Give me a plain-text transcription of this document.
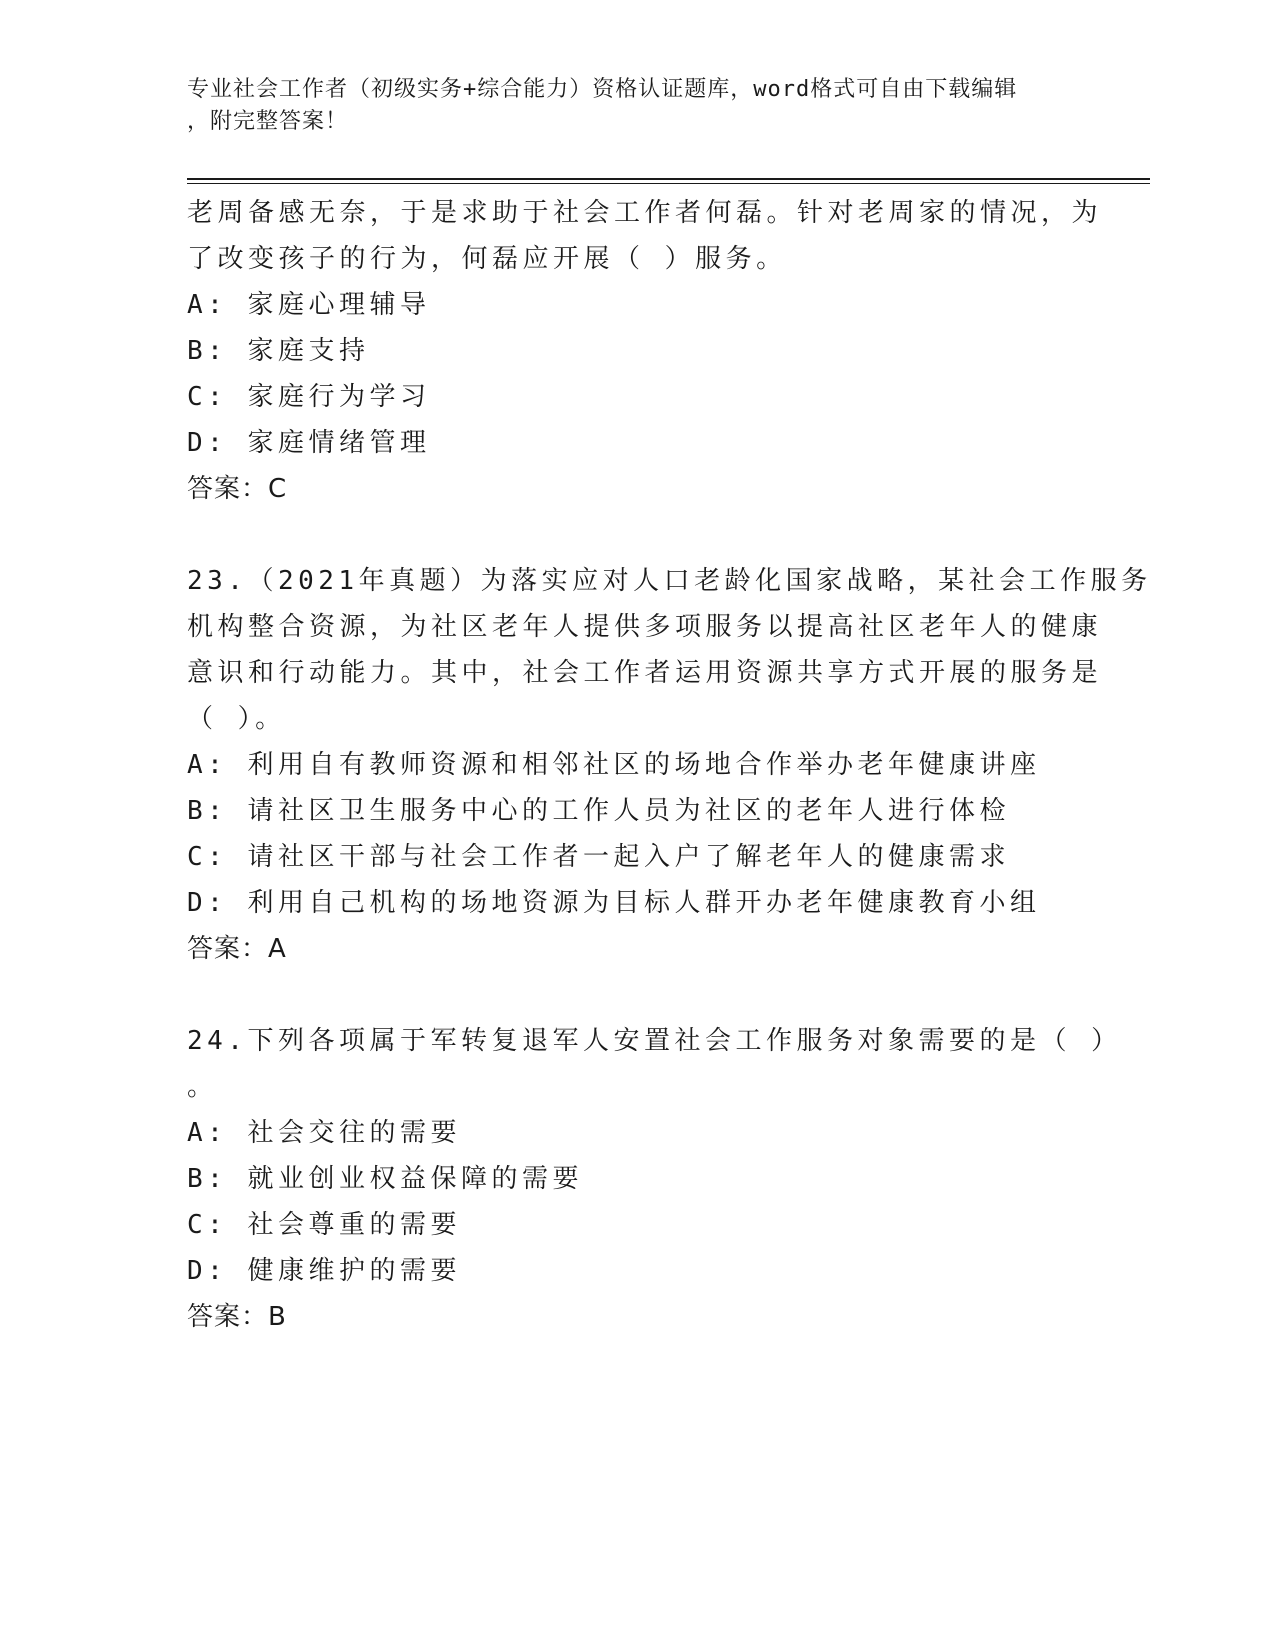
专业社会工作者（初级实务+综合能力）资格认证题库，word格式可自由下载编辑
，附完整答案！
老周备感无奈，于是求助于社会工作者何磊。针对老周家的情况，为
了改变孩子的行为，何磊应开展（ ）服务。
A: 家庭心理辅导
B: 家庭支持
C: 家庭行为学习
D: 家庭情绪管理
答案：C
23.（2021年真题）为落实应对人口老龄化国家战略，某社会工作服务
机构整合资源，为社区老年人提供多项服务以提高社区老年人的健康
意识和行动能力。其中，社会工作者运用资源共享方式开展的服务是
（ ）。
A: 利用自有教师资源和相邻社区的场地合作举办老年健康讲座
B: 请社区卫生服务中心的工作人员为社区的老年人进行体检
C: 请社区干部与社会工作者一起入户了解老年人的健康需求
D: 利用自己机构的场地资源为目标人群开办老年健康教育小组
答案：A
24.下列各项属于军转复退军人安置社会工作服务对象需要的是（ ）
。
A: 社会交往的需要
B: 就业创业权益保障的需要
C: 社会尊重的需要
D: 健康维护的需要
答案：B
